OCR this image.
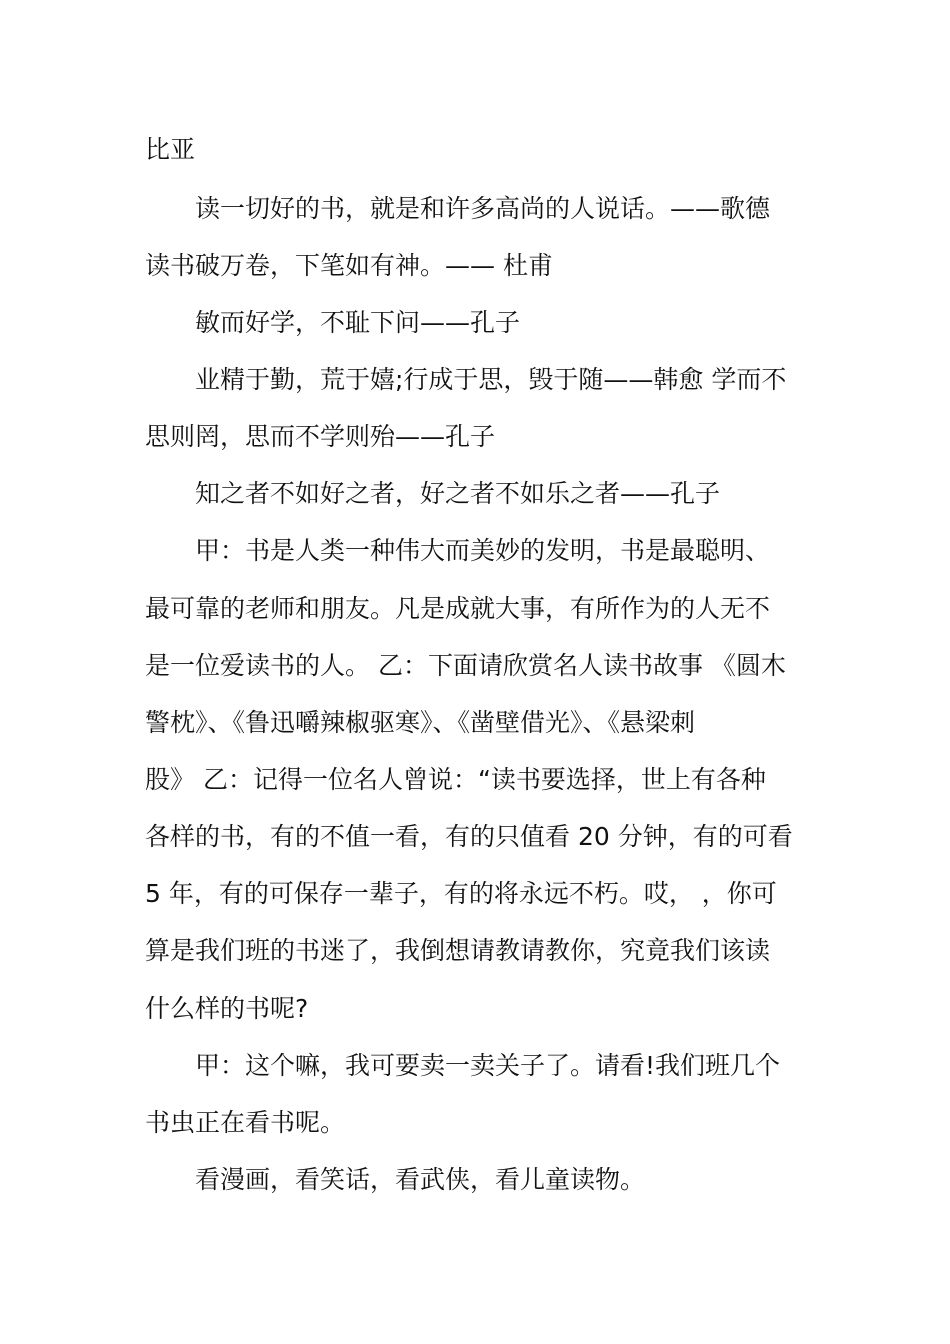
比亚

读一切好的书，就是和许多高尚的人说话。——歌德

读书破万卷，下笔如有神。—— 杜甫

敏而好学，不耻下问——孔子

业精于勤，荒于嬉;行成于思，毁于随——韩愈 学而不

思则罔，思而不学则殆——孔子

知之者不如好之者，好之者不如乐之者——孔子

甲：书是人类一种伟大而美妙的发明，书是最聪明、

最可靠的老师和朋友。凡是成就大事，有所作为的人无不

是一位爱读书的人。 乙：下面请欣赏名人读书故事 《圆木

警枕》、《鲁迅嚼辣椒驱寒》、《凿壁借光》、《悬梁刺

股》 乙：记得一位名人曾说：“读书要选择，世上有各种

各样的书，有的不值一看，有的只值看 20 分钟，有的可看

5 年，有的可保存一辈子，有的将永远不朽。哎， ，你可

算是我们班的书迷了，我倒想请教请教你，究竟我们该读

什么样的书呢?

甲：这个嘛，我可要卖一卖关子了。请看!我们班几个

书虫正在看书呢。

看漫画，看笑话，看武侠，看儿童读物。
